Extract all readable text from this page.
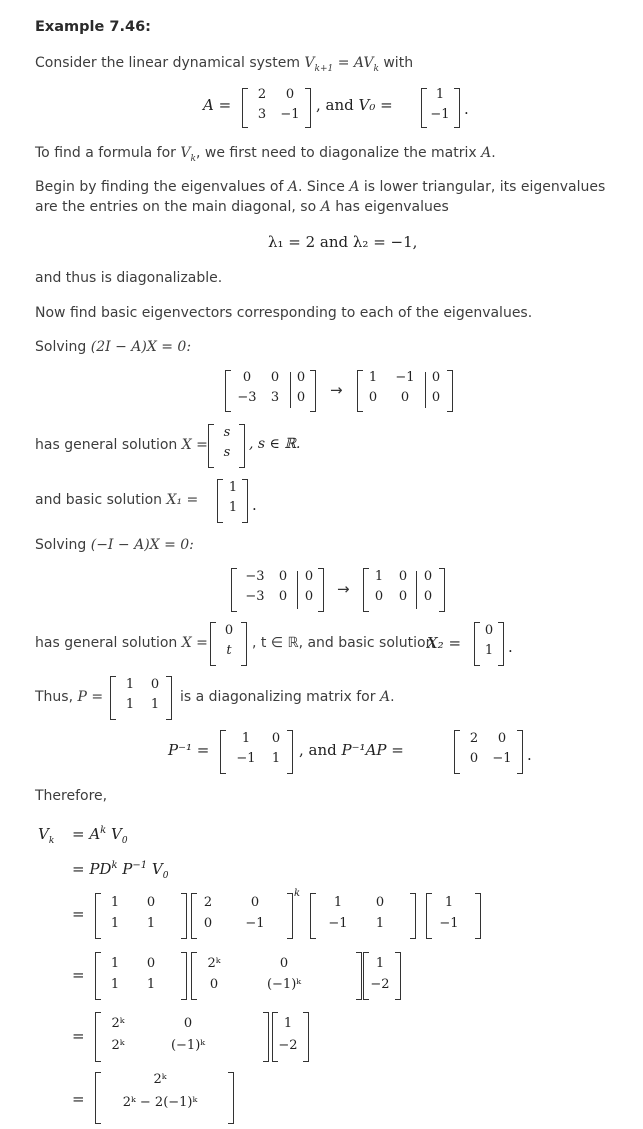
Example 7.46:
Consider the linear dynamical system $V_{k+1} = AV_k$ with
A =
2	0
3	−1
, and V₀ =
1
−1 .
To find a formula for $V_k$, we first need to diagonalize the matrix A.
Begin by finding the eigenvalues of A. Since A is lower triangular, its eigenvalues are the entries on the main diagonal, so A has eigenvalues
λ₁ = 2 and λ₂ = −1,
and thus is diagonalizable.
Now find basic eigenvectors corresponding to each of the eigenvalues.
Solving (2I − A)X = 0:
0	0	0
−3	3	0	→
1	−1	0
0	0	0
has general solution X =
s
s
, s ∈ ℝ.
and basic solution X₁ =
1
1 .
Solving (−I − A)X = 0:
−3	0	0
−3	0	0	→
1	0	0
0	0	0
has general solution X =
0
t	, t ∈ ℝ, and basic solution
X₂ =
0
1 .
Thus, P =
1	0
1	1	is a diagonalizing matrix for A.
P⁻¹ =
1	0
−1	1	, and P⁻¹AP =
2	0
0	−1	.
Therefore,
$V_k = A^k$ $V_0$
= $PD^k$ $P^{-1}$ $V_0$
=
1	0
1	1
2	0
0	−1
k
1	0
−1	1
1
−1
=
1	0
1	1
2ᵏ	0
0	(−1)ᵏ
1
−2
=
2ᵏ	0
2ᵏ	(−1)ᵏ
1
−2
=
2ᵏ
2ᵏ − 2(−1)ᵏ
